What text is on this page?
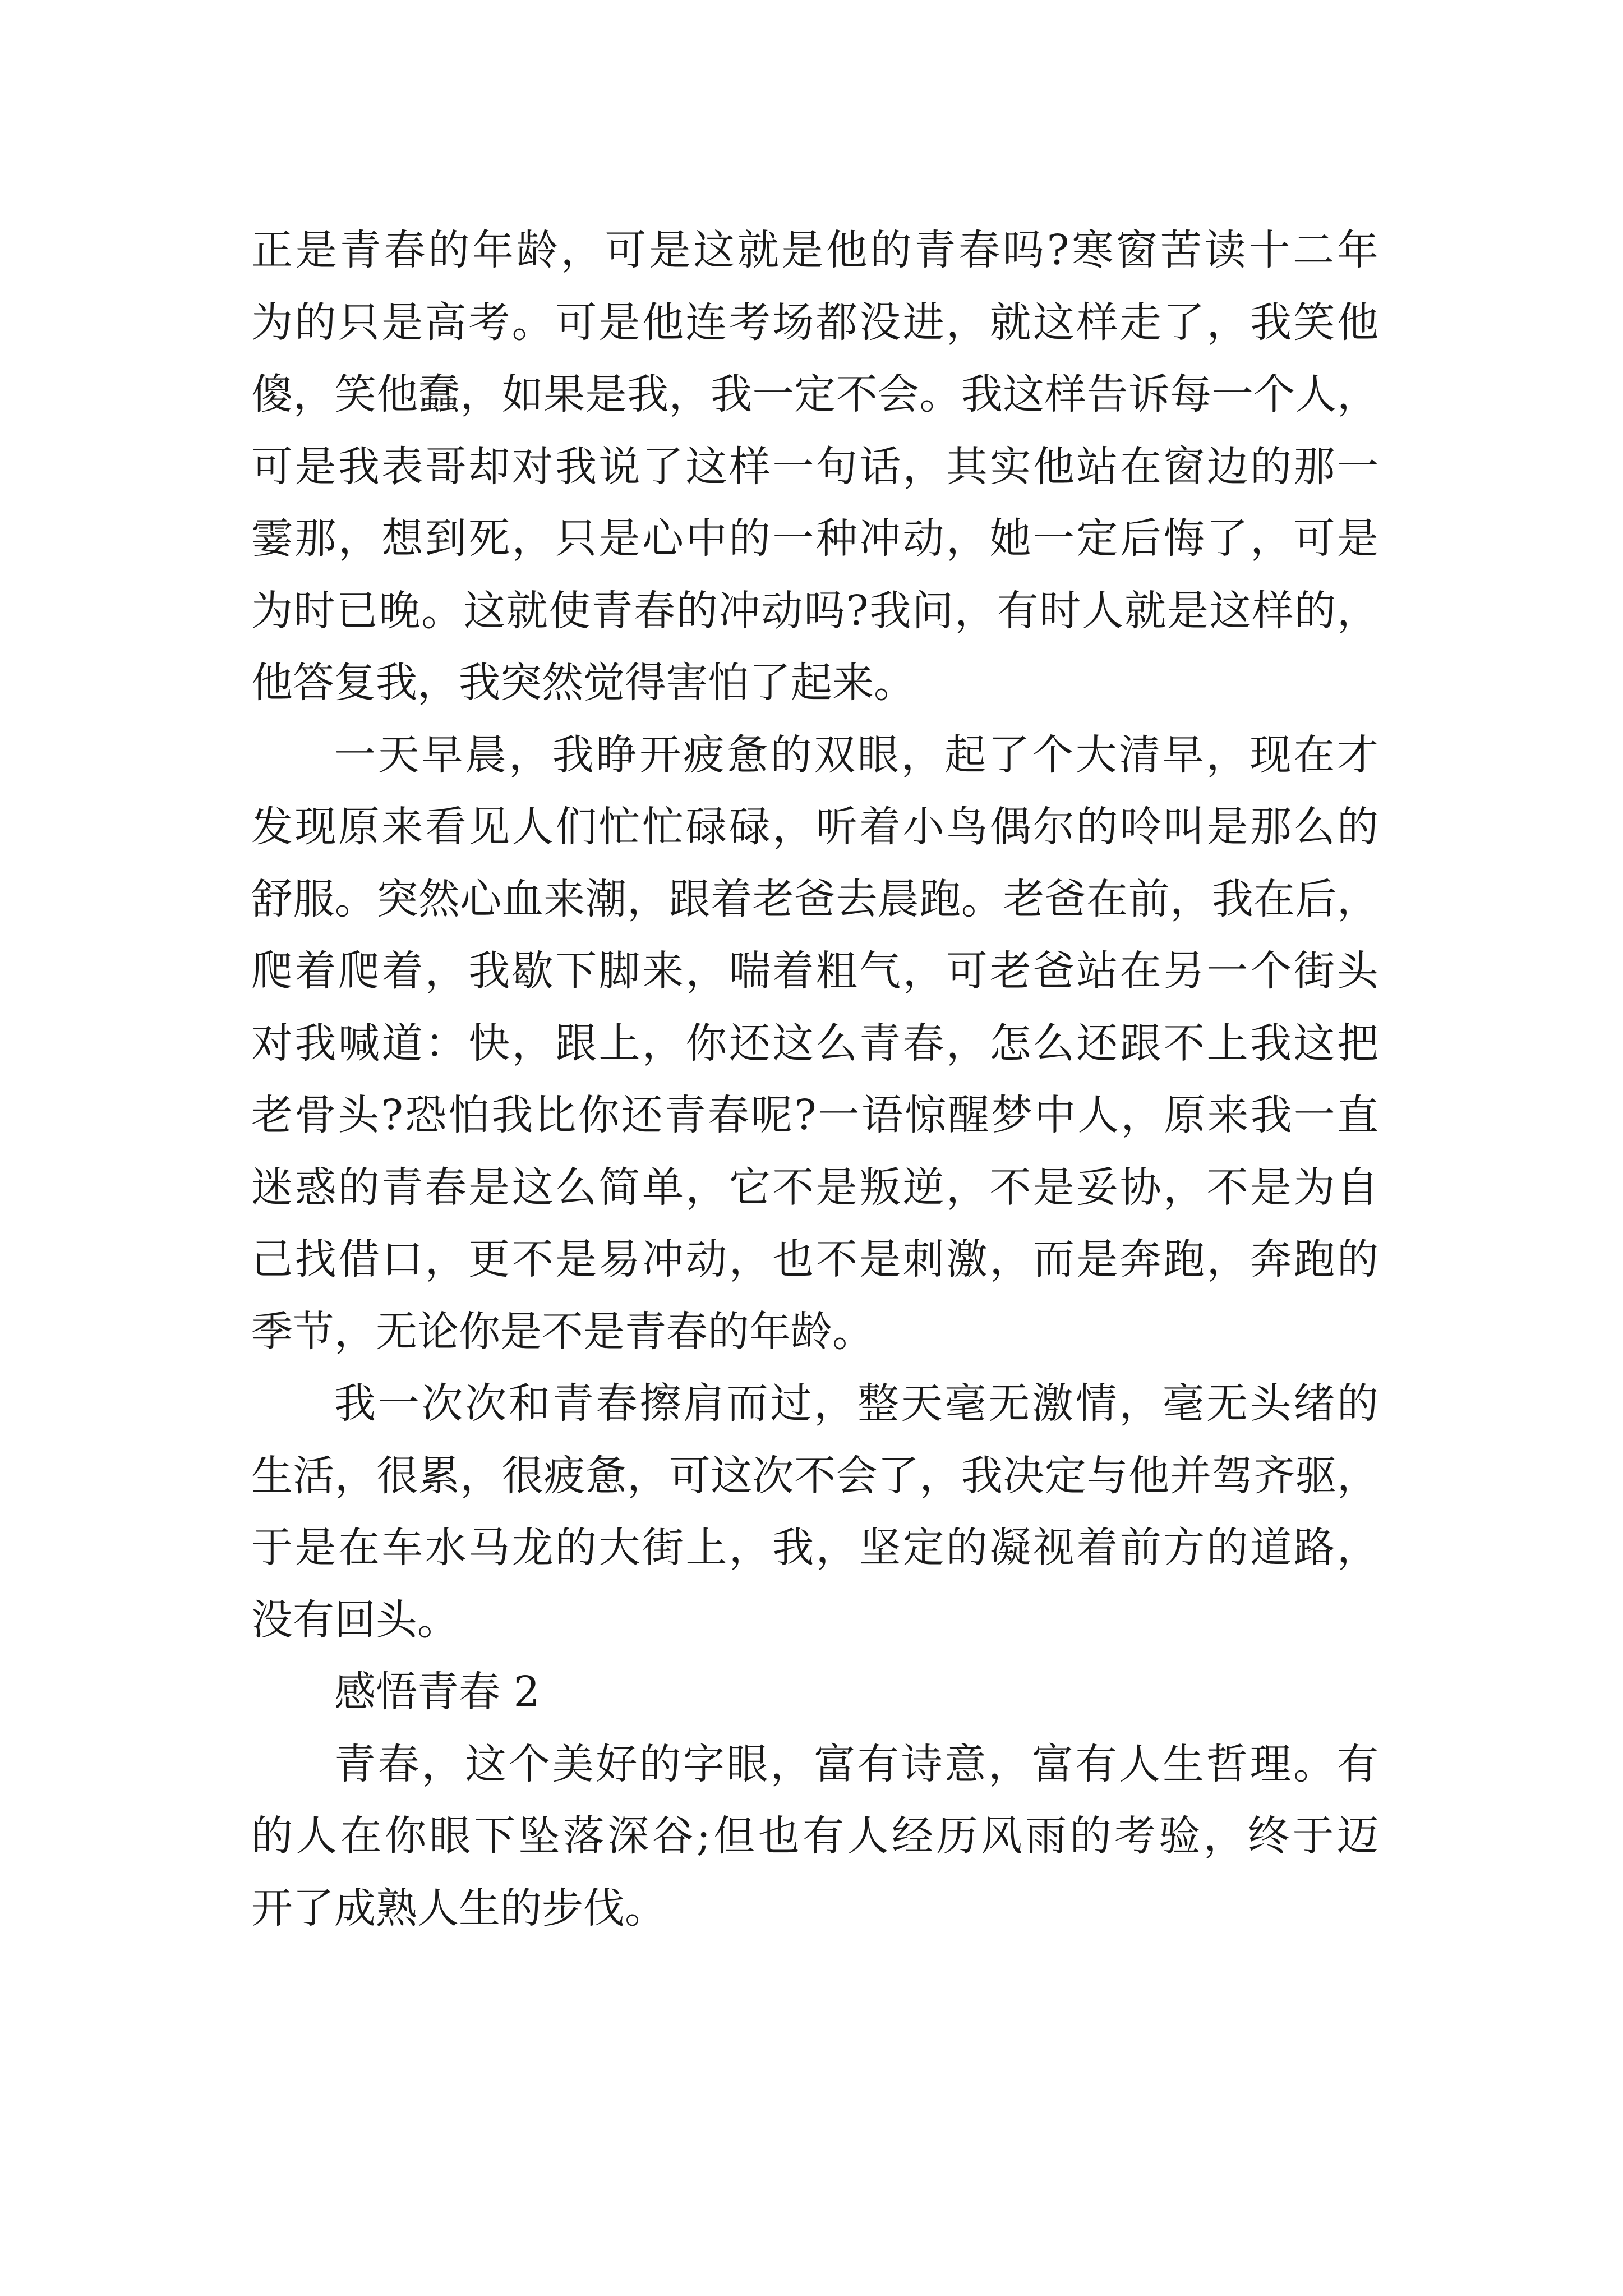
正是青春的年龄，可是这就是他的青春吗?寒窗苦读十二年
为的只是高考。可是他连考场都没进，就这样走了，我笑他
傻，笑他蠢，如果是我，我一定不会。我这样告诉每一个人，
可是我表哥却对我说了这样一句话，其实他站在窗边的那一
霎那，想到死，只是心中的一种冲动，她一定后悔了，可是
为时已晚。这就使青春的冲动吗?我问，有时人就是这样的，
他答复我，我突然觉得害怕了起来。
一天早晨，我睁开疲惫的双眼，起了个大清早，现在才
发现原来看见人们忙忙碌碌，听着小鸟偶尔的呤叫是那么的
舒服。突然心血来潮，跟着老爸去晨跑。老爸在前，我在后，
爬着爬着，我歇下脚来，喘着粗气，可老爸站在另一个街头
对我喊道：快，跟上，你还这么青春，怎么还跟不上我这把
老骨头?恐怕我比你还青春呢?一语惊醒梦中人，原来我一直
迷惑的青春是这么简单，它不是叛逆，不是妥协，不是为自
己找借口，更不是易冲动，也不是刺激，而是奔跑，奔跑的
季节，无论你是不是青春的年龄。
我一次次和青春擦肩而过，整天毫无激情，毫无头绪的
生活，很累，很疲惫，可这次不会了，我决定与他并驾齐驱，
于是在车水马龙的大街上，我，坚定的凝视着前方的道路，
没有回头。
感悟青春 2
青春，这个美好的字眼，富有诗意，富有人生哲理。有
的人在你眼下坠落深谷;但也有人经历风雨的考验，终于迈
开了成熟人生的步伐。
